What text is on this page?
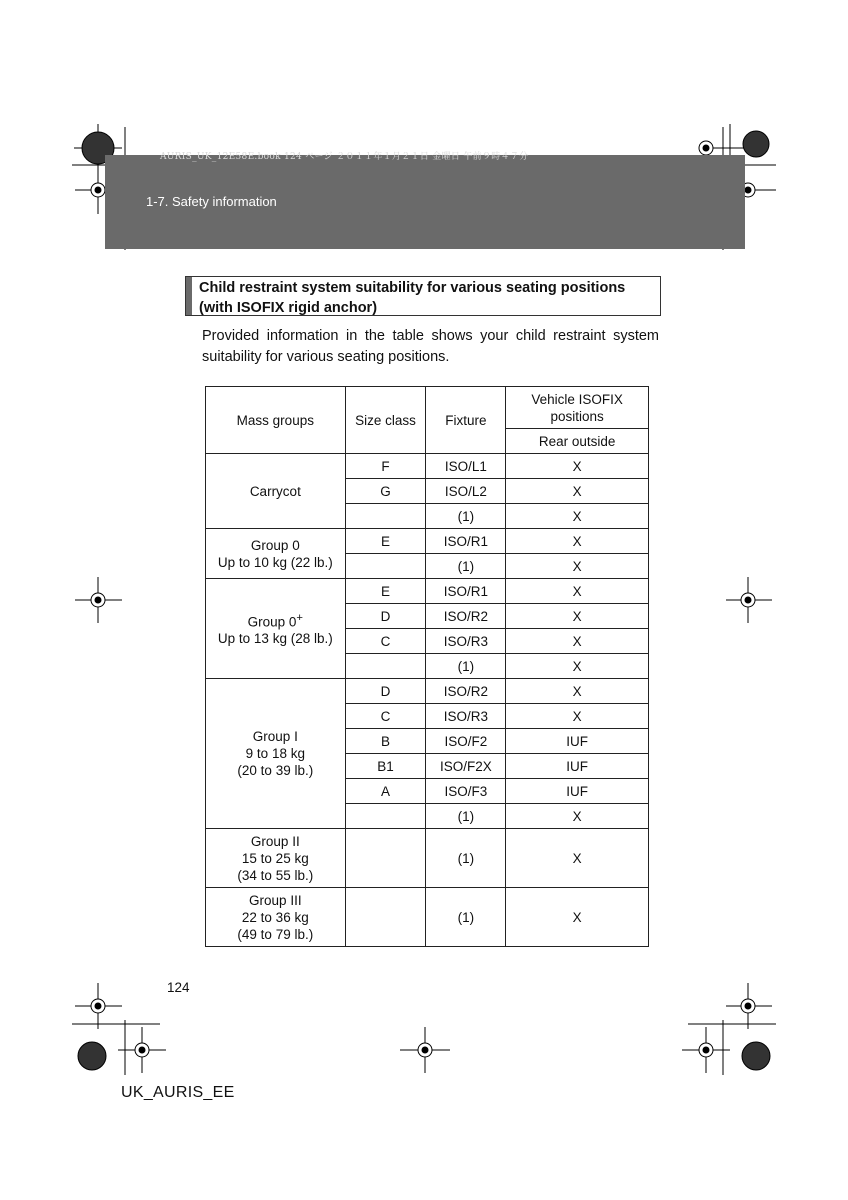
AURIS_UK_12E58E.book 124 ページ ２０１１年１月２１日 金曜日 午前９時４７分
1-7. Safety information
Child restraint system suitability for various seating positions
(with ISOFIX rigid anchor)
Provided information in the table shows your child restraint system suitability for various seating positions.
Mass groups	Size class	Fixture	Vehicle ISOFIX
positions

			Rear outside
Carrycot	F	ISO/L1	X
	G	ISO/L2	X
		(1)	X

Group 0
Up to 10 kg (22 lb.)	E	ISO/R1	X
		(1)	X

Group 0+
Up to 13 kg (28 lb.)	E	ISO/R1	X
	D	ISO/R2	X
	C	ISO/R3	X
		(1)	X

Group I
9 to 18 kg
(20 to 39 lb.)	D	ISO/R2	X
	C	ISO/R3	X
	B	ISO/F2	IUF
	B1	ISO/F2X	IUF
	A	ISO/F3	IUF
		(1)	X

Group II
15 to 25 kg
(34 to 55 lb.)		(1)	X

Group III
22 to 36 kg
(49 to 79 lb.)		(1)	X
124
UK_AURIS_EE
